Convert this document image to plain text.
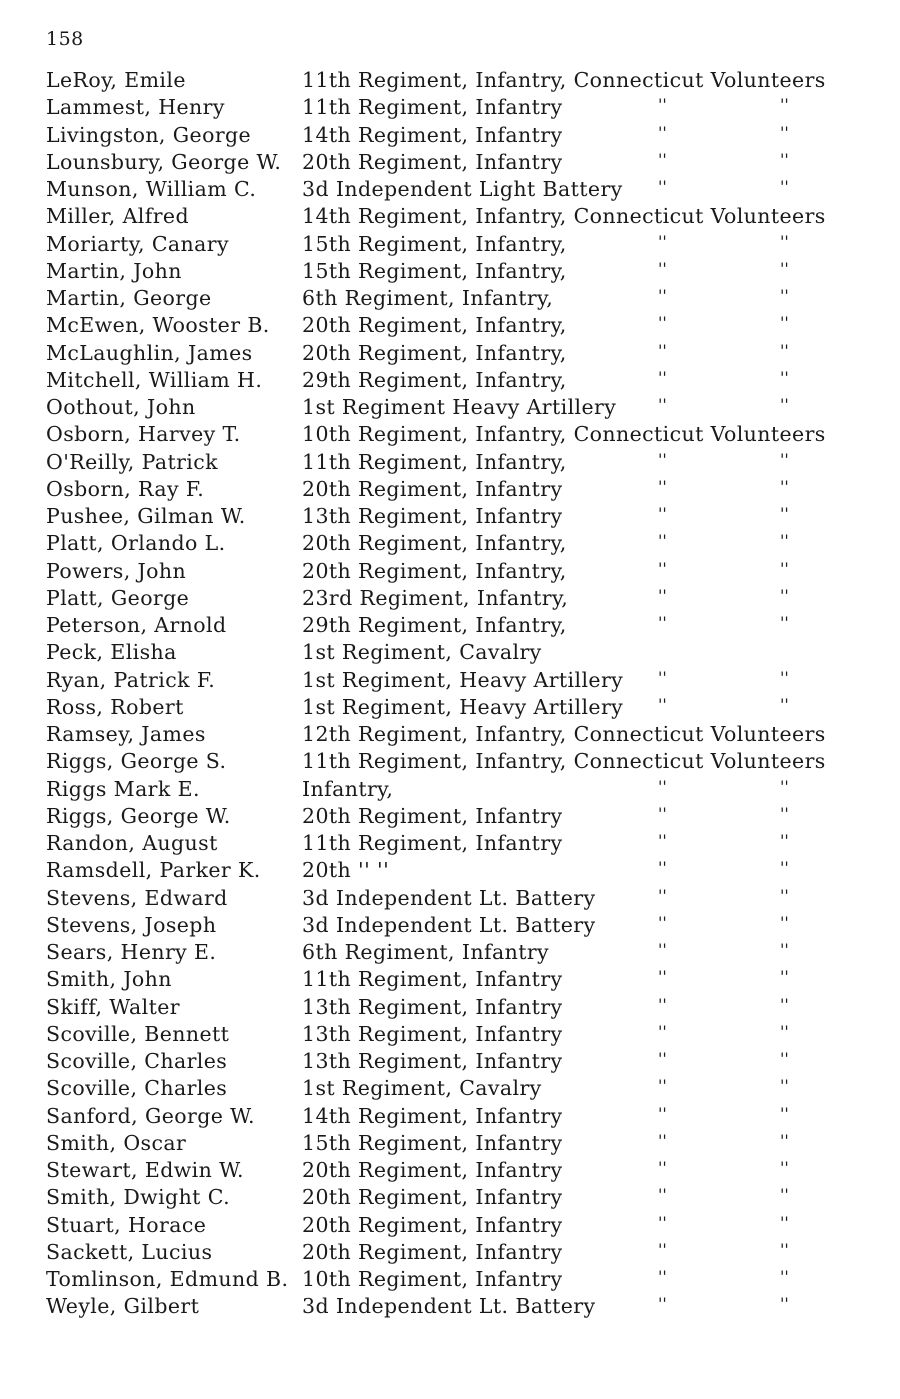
158
LeRoy, Emile	11th Regiment, Infantry, Connecticut Volunteers
Lammest, Henry	11th Regiment, Infantry	''	''
Livingston, George 14th Regiment, Infantry	''	''
Lounsbury, George W. 20th Regiment, Infantry	''	''
Munson, William C. 3d Independent Light Battery ''	''
Miller, Alfred	14th Regiment, Infantry, Connecticut Volunteers
Moriarty, Canary	15th Regiment, Infantry,	''	''
Martin, John	15th Regiment, Infantry,	''	''
Martin, George	6th Regiment, Infantry,	''	''
McEwen, Wooster B. 20th Regiment, Infantry,	''	''
McLaughlin, James 20th Regiment, Infantry,	''	''
Mitchell, William H. 29th Regiment, Infantry,	''	''
Oothout, John	1st Regiment Heavy Artillery	''	''
Osborn, Harvey T.	10th Regiment, Infantry, Connecticut Volunteers
O'Reilly, Patrick	11th Regiment, Infantry,	''	''
Osborn, Ray F.	20th Regiment, Infantry	''	''
Pushee, Gilman W.	13th Regiment, Infantry	''	''
Platt, Orlando L.	20th Regiment, Infantry,	''	''
Powers, John	20th Regiment, Infantry,	''	''
Platt, George	23rd Regiment, Infantry,	''	''
Peterson, Arnold	29th Regiment, Infantry,	''	''
Peck, Elisha	1st Regiment, Cavalry
Ryan, Patrick F.	1st Regiment, Heavy Artillery ''	''
Ross, Robert	1st Regiment, Heavy Artillery ''	''
Ramsey, James	12th Regiment, Infantry, Connecticut Volunteers
Riggs, George S.	11th Regiment, Infantry, Connecticut Volunteers
Riggs Mark E.	Infantry,	''	''
Riggs, George W.	20th Regiment, Infantry	''	''
Randon, August	11th Regiment, Infantry	''	''
Ramsdell, Parker K. 20th '' ''	''	''
Stevens, Edward	3d Independent Lt. Battery	''	''
Stevens, Joseph	3d Independent Lt. Battery	''	''
Sears, Henry E.	6th Regiment, Infantry	''	''
Smith, John	11th Regiment, Infantry	''	''
Skiff, Walter	13th Regiment, Infantry	''	''
Scoville, Bennett	13th Regiment, Infantry	''	''
Scoville, Charles	13th Regiment, Infantry	''	''
Scoville, Charles	1st Regiment, Cavalry	''	''
Sanford, George W. 14th Regiment, Infantry	''	''
Smith, Oscar	15th Regiment, Infantry	''	''
Stewart, Edwin W.	20th Regiment, Infantry	''	''
Smith, Dwight C.	20th Regiment, Infantry	''	''
Stuart, Horace	20th Regiment, Infantry	''	''
Sackett, Lucius	20th Regiment, Infantry	''	''
Tomlinson, Edmund B. 10th Regiment, Infantry	''	''
Weyle, Gilbert	3d Independent Lt. Battery	''	''
